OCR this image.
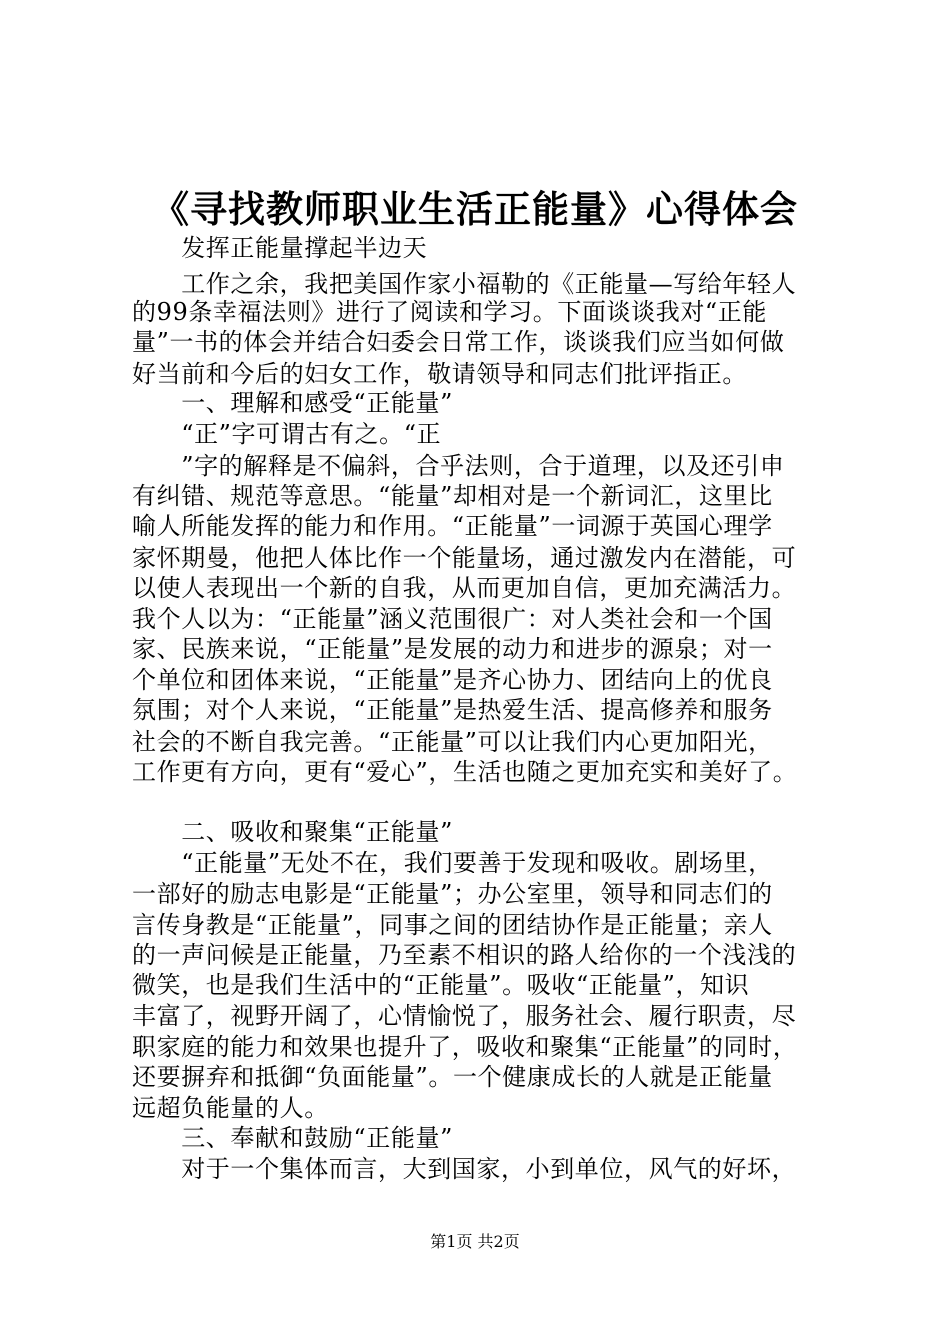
《寻找教师职业生活正能量》心得体会
　　发挥正能量撑起半边天
　　工作之余，我把美国作家小福勒的《正能量—写给年轻人
的99条幸福法则》进行了阅读和学习。下面谈谈我对“正能
量”一书的体会并结合妇委会日常工作，谈谈我们应当如何做
好当前和今后的妇女工作，敬请领导和同志们批评指正。
　　一、理解和感受“正能量”
　　“正”字可谓古有之。“正
　　”字的解释是不偏斜，合乎法则，合于道理，以及还引申
有纠错、规范等意思。“能量”却相对是一个新词汇，这里比
喻人所能发挥的能力和作用。“正能量”一词源于英国心理学
家怀期曼，他把人体比作一个能量场，通过激发内在潜能，可
以使人表现出一个新的自我，从而更加自信，更加充满活力。
我个人以为：“正能量”涵义范围很广：对人类社会和一个国
家、民族来说，“正能量”是发展的动力和进步的源泉；对一
个单位和团体来说，“正能量”是齐心协力、团结向上的优良
氛围；对个人来说，“正能量”是热爱生活、提高修养和服务
社会的不断自我完善。“正能量”可以让我们内心更加阳光，
工作更有方向，更有“爱心”，生活也随之更加充实和美好了。
　　二、吸收和聚集“正能量”
　　“正能量”无处不在，我们要善于发现和吸收。剧场里，
一部好的励志电影是“正能量”；办公室里，领导和同志们的
言传身教是“正能量”，同事之间的团结协作是正能量；亲人
的一声问候是正能量，乃至素不相识的路人给你的一个浅浅的
微笑，也是我们生活中的“正能量”。吸收“正能量”，知识
丰富了，视野开阔了，心情愉悦了，服务社会、履行职责，尽
职家庭的能力和效果也提升了，吸收和聚集“正能量”的同时，
还要摒弃和抵御“负面能量”。一个健康成长的人就是正能量
远超负能量的人。
　　三、奉献和鼓励“正能量”
　　对于一个集体而言，大到国家，小到单位，风气的好坏，
第1页 共2页
